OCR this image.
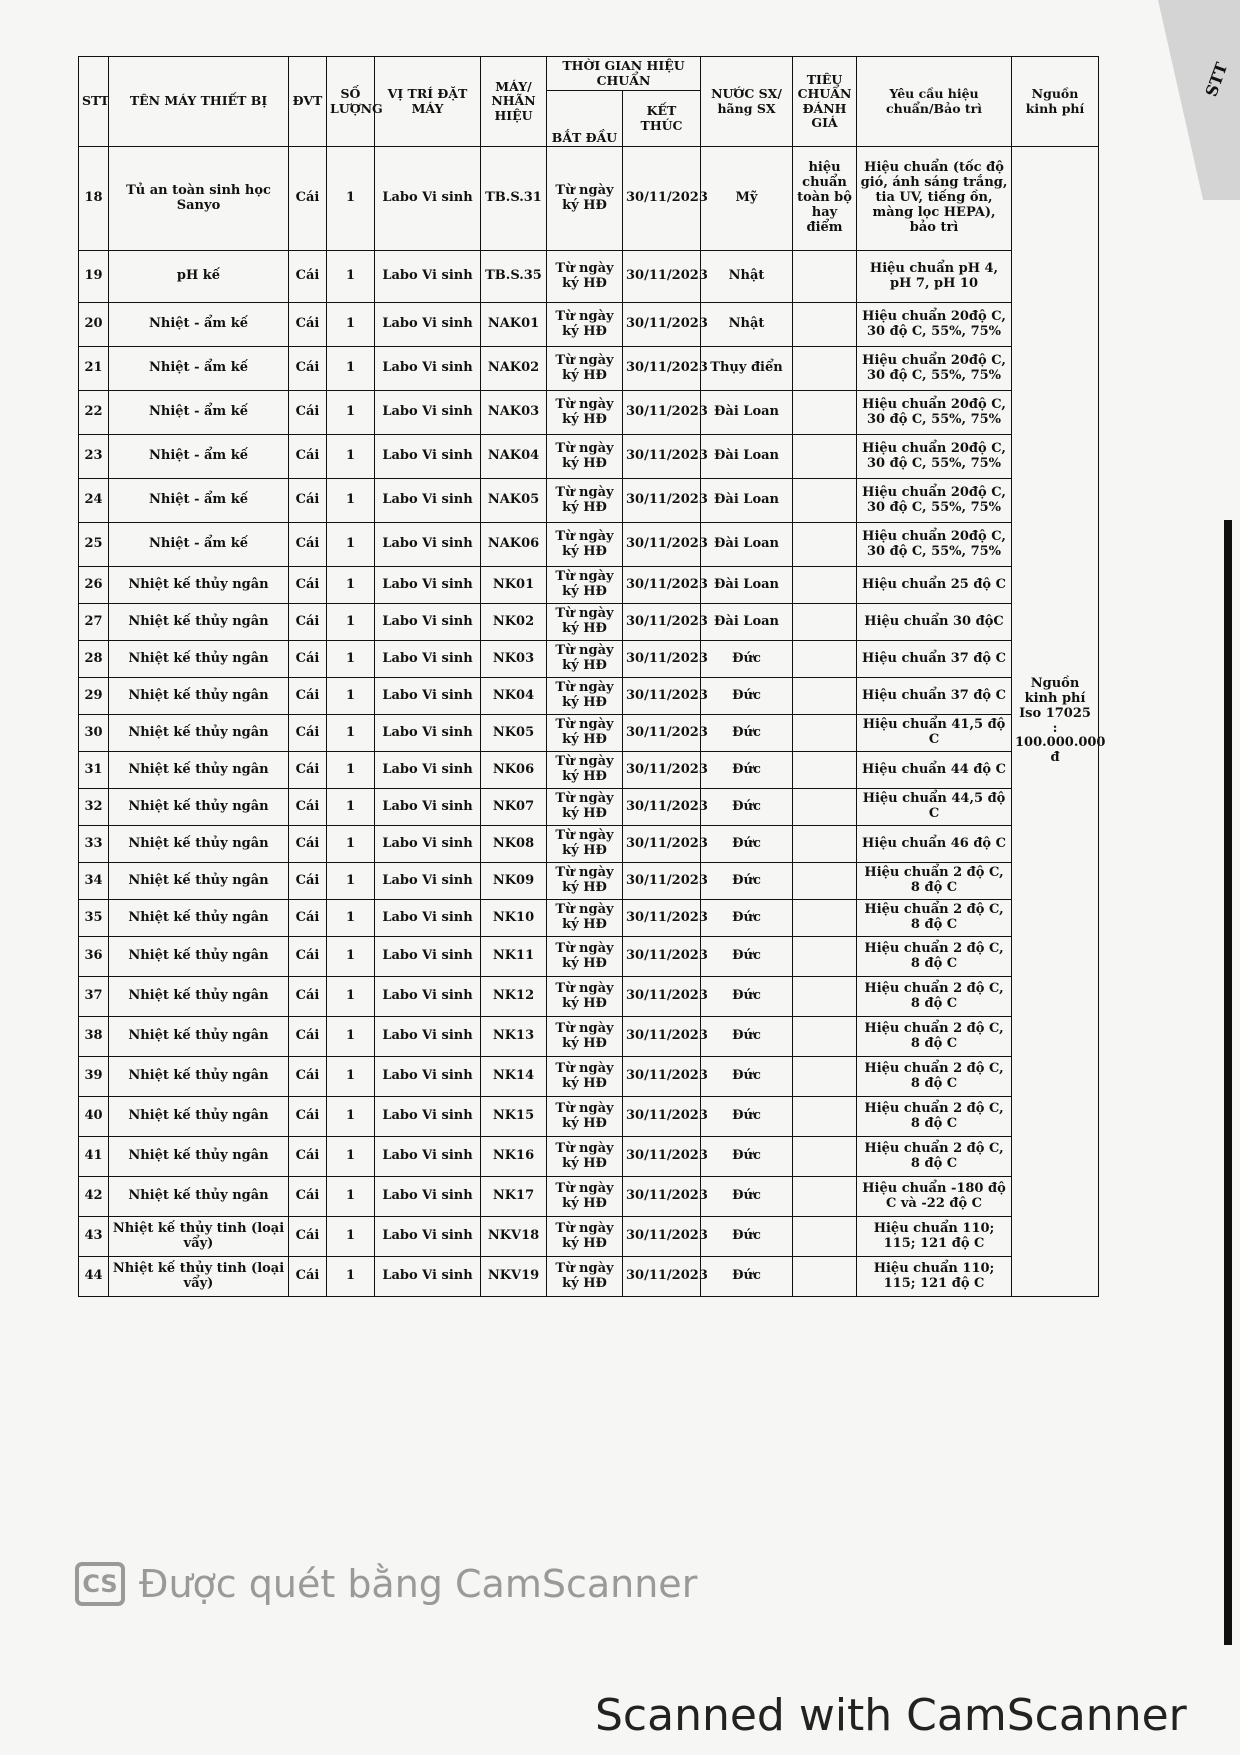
STT
STT	TÊN MÁY THIẾT BỊ	ĐVT	SỐ LƯỢNG	VỊ TRÍ ĐẶT MÁY	MÁY/ NHÃN HIỆU	THỜI GIAN HIỆU CHUẨN		NƯỚC SX/ hãng SX	TIÊU CHUẨN ĐÁNH GIÁ	Yêu cầu hiệu chuẩn/Bảo trì	Nguồn kinh phí
						BẮT ĐẦU	KẾT THÚC				
18	Tủ an toàn sinh học Sanyo	Cái	1	Labo Vi sinh	TB.S.31	Từ ngày ký HĐ	30/11/2023	Mỹ	hiệu chuẩn toàn bộ hay điểm	Hiệu chuẩn (tốc độ gió, ánh sáng trắng, tia UV, tiếng ồn, màng lọc HEPA), bảo trì	Nguồn kinh phí Iso 17025 : 100.000.000 đ
19	pH kế	Cái	1	Labo Vi sinh	TB.S.35	Từ ngày ký HĐ	30/11/2023	Nhật		Hiệu chuẩn pH 4, pH 7, pH 10	
20	Nhiệt - ẩm kế	Cái	1	Labo Vi sinh	NAK01	Từ ngày ký HĐ	30/11/2023	Nhật		Hiệu chuẩn 20độ C, 30 độ C, 55%, 75%	
21	Nhiệt - ẩm kế	Cái	1	Labo Vi sinh	NAK02	Từ ngày ký HĐ	30/11/2023	Thụy điển		Hiệu chuẩn 20độ C, 30 độ C, 55%, 75%	
22	Nhiệt - ẩm kế	Cái	1	Labo Vi sinh	NAK03	Từ ngày ký HĐ	30/11/2023	Đài Loan		Hiệu chuẩn 20độ C, 30 độ C, 55%, 75%	
23	Nhiệt - ẩm kế	Cái	1	Labo Vi sinh	NAK04	Từ ngày ký HĐ	30/11/2023	Đài Loan		Hiệu chuẩn 20độ C, 30 độ C, 55%, 75%	
24	Nhiệt - ẩm kế	Cái	1	Labo Vi sinh	NAK05	Từ ngày ký HĐ	30/11/2023	Đài Loan		Hiệu chuẩn 20độ C, 30 độ C, 55%, 75%	
25	Nhiệt - ẩm kế	Cái	1	Labo Vi sinh	NAK06	Từ ngày ký HĐ	30/11/2023	Đài Loan		Hiệu chuẩn 20độ C, 30 độ C, 55%, 75%	
26	Nhiệt kế thủy ngân	Cái	1	Labo Vi sinh	NK01	Từ ngày ký HĐ	30/11/2023	Đài Loan		Hiệu chuẩn 25 độ C	
27	Nhiệt kế thủy ngân	Cái	1	Labo Vi sinh	NK02	Từ ngày ký HĐ	30/11/2023	Đài Loan		Hiệu chuẩn 30 độC	
28	Nhiệt kế thủy ngân	Cái	1	Labo Vi sinh	NK03	Từ ngày ký HĐ	30/11/2023	Đức		Hiệu chuẩn 37 độ C	
29	Nhiệt kế thủy ngân	Cái	1	Labo Vi sinh	NK04	Từ ngày ký HĐ	30/11/2023	Đức		Hiệu chuẩn 37 độ C	
30	Nhiệt kế thủy ngân	Cái	1	Labo Vi sinh	NK05	Từ ngày ký HĐ	30/11/2023	Đức		Hiệu chuẩn 41,5 độ C	
31	Nhiệt kế thủy ngân	Cái	1	Labo Vi sinh	NK06	Từ ngày ký HĐ	30/11/2023	Đức		Hiệu chuẩn 44 độ C	
32	Nhiệt kế thủy ngân	Cái	1	Labo Vi sinh	NK07	Từ ngày ký HĐ	30/11/2023	Đức		Hiệu chuẩn 44,5 độ C	
33	Nhiệt kế thủy ngân	Cái	1	Labo Vi sinh	NK08	Từ ngày ký HĐ	30/11/2023	Đức		Hiệu chuẩn 46 độ C	
34	Nhiệt kế thủy ngân	Cái	1	Labo Vi sinh	NK09	Từ ngày ký HĐ	30/11/2023	Đức		Hiệu chuẩn 2 độ C, 8 độ C	
35	Nhiệt kế thủy ngân	Cái	1	Labo Vi sinh	NK10	Từ ngày ký HĐ	30/11/2023	Đức		Hiệu chuẩn 2 độ C, 8 độ C	
36	Nhiệt kế thủy ngân	Cái	1	Labo Vi sinh	NK11	Từ ngày ký HĐ	30/11/2023	Đức		Hiệu chuẩn 2 độ C, 8 độ C	
37	Nhiệt kế thủy ngân	Cái	1	Labo Vi sinh	NK12	Từ ngày ký HĐ	30/11/2023	Đức		Hiệu chuẩn 2 độ C, 8 độ C	
38	Nhiệt kế thủy ngân	Cái	1	Labo Vi sinh	NK13	Từ ngày ký HĐ	30/11/2023	Đức		Hiệu chuẩn 2 độ C, 8 độ C	
39	Nhiệt kế thủy ngân	Cái	1	Labo Vi sinh	NK14	Từ ngày ký HĐ	30/11/2023	Đức		Hiệu chuẩn 2 độ C, 8 độ C	
40	Nhiệt kế thủy ngân	Cái	1	Labo Vi sinh	NK15	Từ ngày ký HĐ	30/11/2023	Đức		Hiệu chuẩn 2 độ C, 8 độ C	
41	Nhiệt kế thủy ngân	Cái	1	Labo Vi sinh	NK16	Từ ngày ký HĐ	30/11/2023	Đức		Hiệu chuẩn 2 độ C, 8 độ C	
42	Nhiệt kế thủy ngân	Cái	1	Labo Vi sinh	NK17	Từ ngày ký HĐ	30/11/2023	Đức		Hiệu chuẩn -180 độ C và -22 độ C	
43	Nhiệt kế thủy tinh (loại vẩy)	Cái	1	Labo Vi sinh	NKV18	Từ ngày ký HĐ	30/11/2023	Đức		Hiệu chuẩn 110; 115; 121 độ C	
44	Nhiệt kế thủy tinh (loại vẩy)	Cái	1	Labo Vi sinh	NKV19	Từ ngày ký HĐ	30/11/2023	Đức		Hiệu chuẩn 110; 115; 121 độ C	
CS Được quét bằng CamScanner
Scanned with CamScanner
